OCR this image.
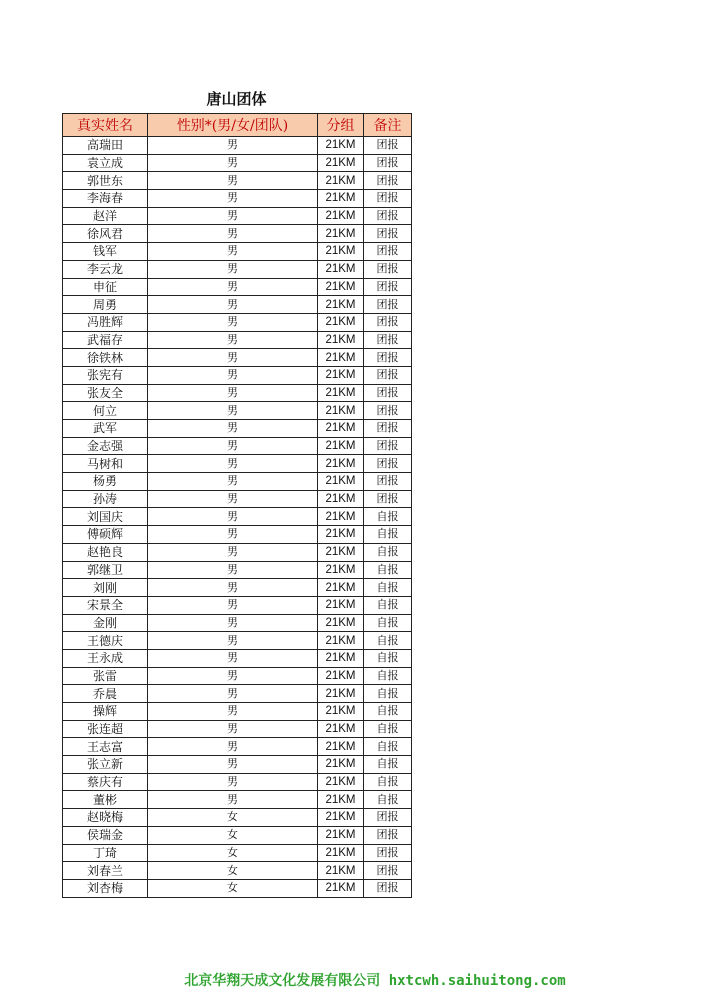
唐山团体
真实姓名	性别*(男/女/团队)	分组	备注
高瑞田	男	21KM	团报
袁立成	男	21KM	团报
郭世东	男	21KM	团报
李海春	男	21KM	团报
赵洋	男	21KM	团报
徐风君	男	21KM	团报
钱军	男	21KM	团报
李云龙	男	21KM	团报
申征	男	21KM	团报
周勇	男	21KM	团报
冯胜辉	男	21KM	团报
武福存	男	21KM	团报
徐铁林	男	21KM	团报
张宪有	男	21KM	团报
张友全	男	21KM	团报
何立	男	21KM	团报
武军	男	21KM	团报
金志强	男	21KM	团报
马树和	男	21KM	团报
杨勇	男	21KM	团报
孙涛	男	21KM	团报
刘国庆	男	21KM	自报
傅硕辉	男	21KM	自报
赵艳良	男	21KM	自报
郭继卫	男	21KM	自报
刘刚	男	21KM	自报
宋景全	男	21KM	自报
金刚	男	21KM	自报
王德庆	男	21KM	自报
王永成	男	21KM	自报
张雷	男	21KM	自报
乔晨	男	21KM	自报
操辉	男	21KM	自报
张连超	男	21KM	自报
王志富	男	21KM	自报
张立新	男	21KM	自报
蔡庆有	男	21KM	自报
董彬	男	21KM	自报
赵晓梅	女	21KM	团报
侯瑞金	女	21KM	团报
丁琦	女	21KM	团报
刘春兰	女	21KM	团报
刘杏梅	女	21KM	团报
北京华翔天成文化发展有限公司 hxtcwh.saihuitong.com
